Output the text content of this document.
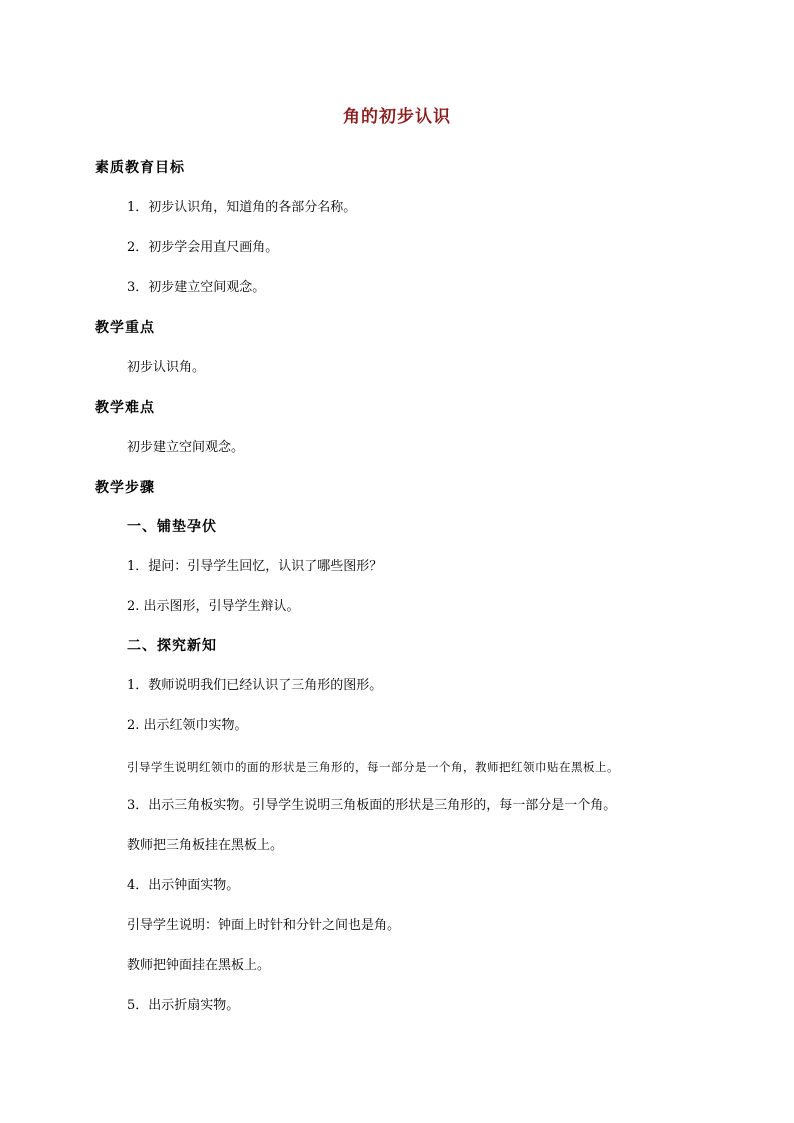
角的初步认识
素质教育目标
1．初步认识角，知道角的各部分名称。
2．初步学会用直尺画角。
3．初步建立空间观念。
教学重点
初步认识角。
教学难点
初步建立空间观念。
教学步骤
一、铺垫孕伏
1．提问：引导学生回忆，认识了哪些图形？
2. 出示图形，引导学生辩认。
二、探究新知
1．教师说明我们已经认识了三角形的图形。
2. 出示红领巾实物。
引导学生说明红领巾的面的形状是三角形的，每一部分是一个角，教师把红领巾贴在黑板上。
3．出示三角板实物。引导学生说明三角板面的形状是三角形的，每一部分是一个角。
教师把三角板挂在黑板上。
4．出示钟面实物。
引导学生说明：钟面上时针和分针之间也是角。
教师把钟面挂在黑板上。
5．出示折扇实物。
